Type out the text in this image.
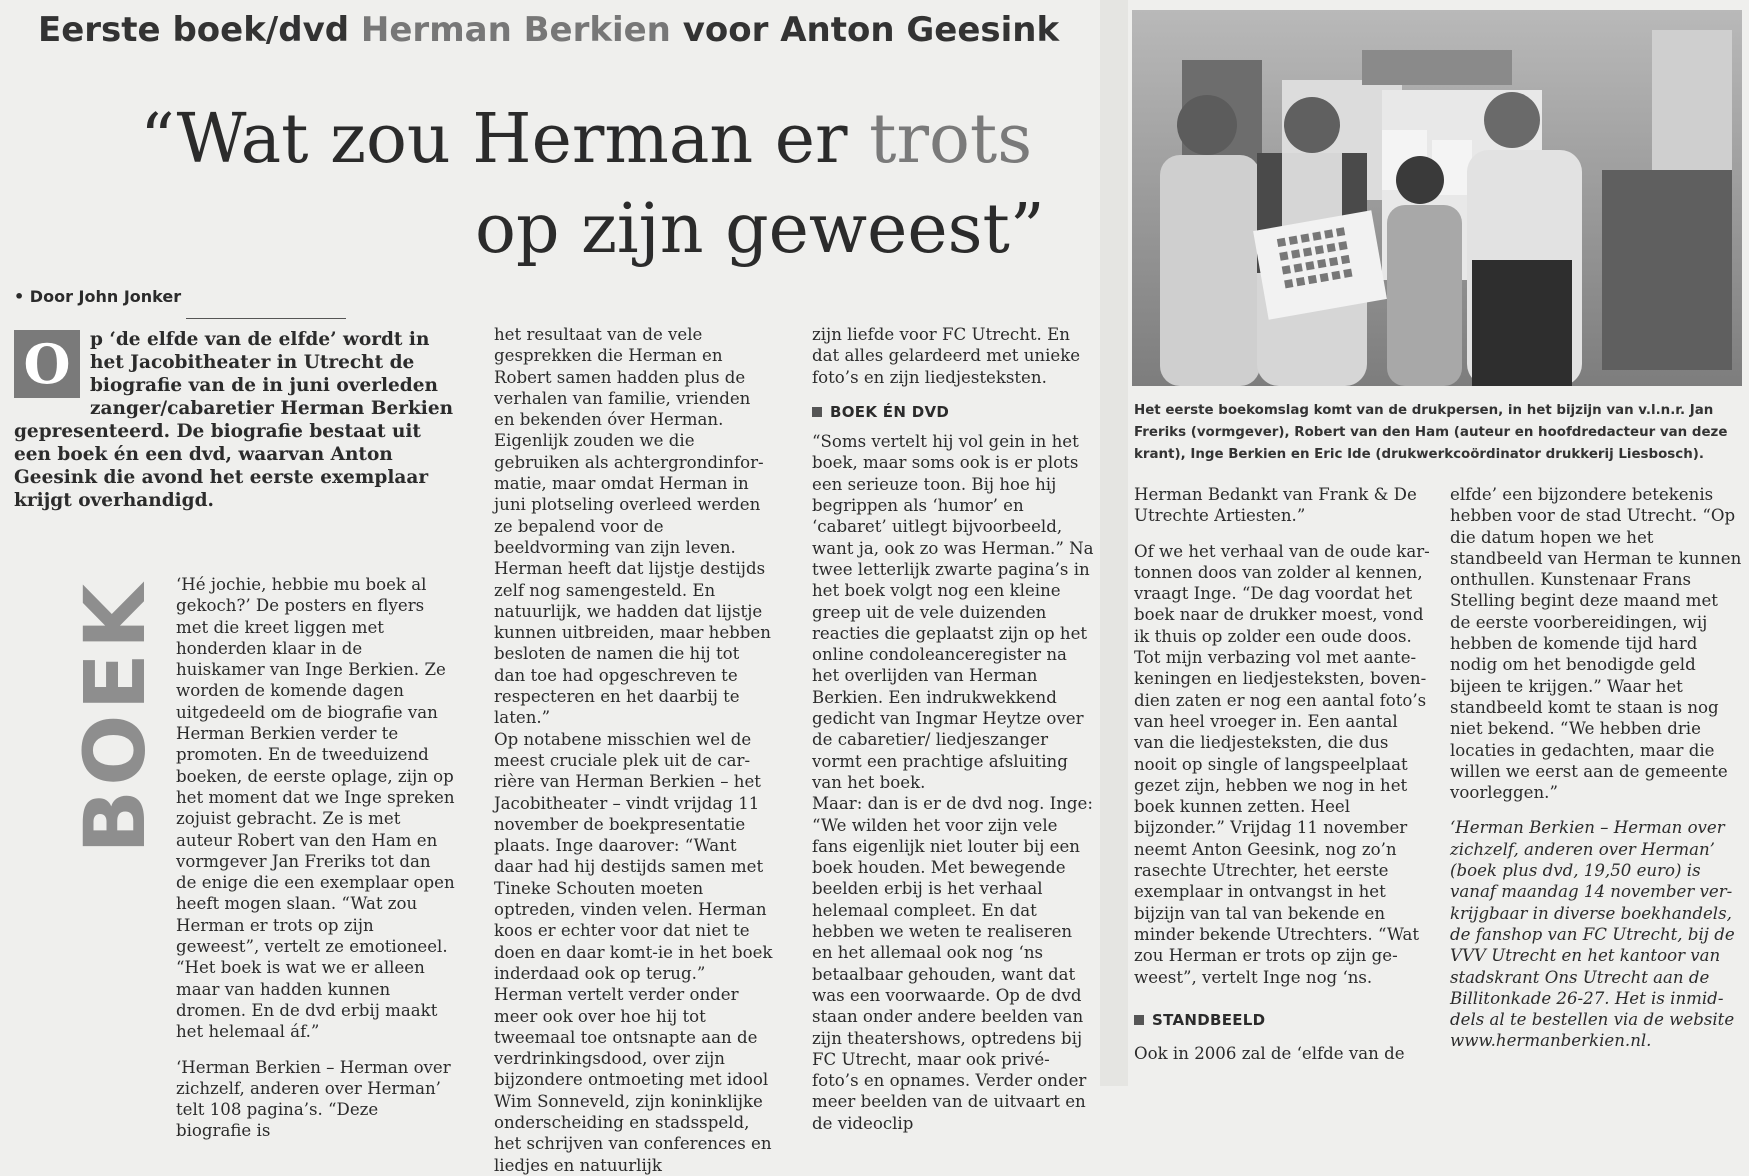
Eerste boek/dvd Herman Berkien voor Anton Geesink
“Wat zou Herman er trots
op zijn geweest”
• Door John Jonker
O	p ‘de elfde van de elfde’ wordt in het Jacobitheater in Utrecht de biografie van de in juni overleden zanger/cabaretier Herman Berkien gepresenteerd. De biografie bestaat uit een boek én een dvd, waarvan Anton Geesink die avond het eerste exemplaar krijgt overhandigd.
BOEK ‘Hé jochie, hebbie mu boek al gekoch?’ De posters en flyers met die kreet liggen met honderden klaar in de huiskamer van Inge Berkien. Ze worden de komende dagen uitgedeeld om de biografie van Herman Berkien verder te promoten. En de tweeduizend boeken, de eerste oplage, zijn op het moment dat we Inge spreken zojuist gebracht. Ze is met auteur Robert van den Ham en vormgever Jan Freriks tot dan de enige die een exemplaar open heeft mogen slaan. “Wat zou Herman er trots op zijn geweest”, vertelt ze emotioneel. “Het boek is wat we er alleen maar van hadden kunnen dromen. En de dvd erbij maakt het helemaal áf.”

‘Herman Berkien – Herman over zichzelf, anderen over Herman’ telt 108 pagina’s. “Deze biografie is

het resultaat van de vele gesprekken die Herman en Robert samen hadden plus de verhalen van familie, vrienden en bekenden óver Herman. Eigenlijk zouden we die gebruiken als achtergrondinformatie, maar omdat Herman in juni plotseling overleed werden ze bepalend voor de beeldvorming van zijn leven. Herman heeft dat lijstje destijds zelf nog samengesteld. En natuurlijk, we hadden dat lijstje kunnen uitbreiden, maar hebben besloten de namen die hij tot dan toe had opgeschreven te respecteren en het daarbij te laten.”

Op notabene misschien wel de meest cruciale plek uit de carrière van Herman Berkien – het Jacobitheater – vindt vrijdag 11 november de boekpresentatie plaats. Inge daarover: “Want daar had hij destijds samen met Tineke Schouten moeten optreden, vinden velen. Herman koos er echter voor dat niet te doen en daar komt-ie in het boek inderdaad ook op terug.”

Herman vertelt verder onder meer ook over hoe hij tot tweemaal toe ontsnapte aan de verdrinkingsdood, over zijn bijzondere ontmoeting met idool Wim Sonneveld, zijn koninklijke onderscheiding en stadsspeld, het schrijven van conferences en liedjes en natuurlijk

zijn liefde voor FC Utrecht. En dat alles gelardeerd met unieke foto’s en zijn liedjesteksten.

BOEK ÉN DVD

“Soms vertelt hij vol gein in het boek, maar soms ook is er plots een serieuze toon. Bij hoe hij begrippen als ‘humor’ en ‘cabaret’ uitlegt bijvoorbeeld, want ja, ook zo was Herman.” Na twee letterlijk zwarte pagina’s in het boek volgt nog een kleine greep uit de vele duizenden reacties die geplaatst zijn op het online condoleanceregister na het overlijden van Herman Berkien. Een indrukwekkend gedicht van Ingmar Heytze over de cabaretier/ liedjeszanger vormt een prachtige afsluiting van het boek.

Maar: dan is er de dvd nog. Inge: “We wilden het voor zijn vele fans eigenlijk niet louter bij een boek houden. Met bewegende beelden erbij is het verhaal helemaal compleet. En dat hebben we weten te realiseren en het allemaal ook nog ‘ns betaalbaar gehouden, want dat was een voorwaarde. Op de dvd staan onder andere beelden van zijn theatershows, optredens bij FC Utrecht, maar ook privé-foto’s en opnames. Verder onder meer beelden van de uitvaart en de videoclip

Het eerste boekomslag komt van de drukpersen, in het bijzijn van v.l.n.r. Jan Freriks (vormgever), Robert van den Ham (auteur en hoofdredacteur van deze krant), Inge Berkien en Eric Ide (drukwerkcoördinator drukkerij Liesbosch).

Herman Bedankt van Frank & De Utrechte Artiesten.”

Of we het verhaal van de oude kartonnen doos van zolder al kennen, vraagt Inge. “De dag voordat het boek naar de drukker moest, vond ik thuis op zolder een oude doos. Tot mijn verbazing vol met aantekeningen en liedjesteksten, bovendien zaten er nog een aantal foto’s van heel vroeger in. Een aantal van die liedjesteksten, die dus nooit op single of langspeelplaat gezet zijn, hebben we nog in het boek kunnen zetten. Heel bijzonder.” Vrijdag 11 november neemt Anton Geesink, nog zo’n rasechte Utrechter, het eerste exemplaar in ontvangst in het bijzijn van tal van bekende en minder bekende Utrechters. “Wat zou Herman er trots op zijn geweest”, vertelt Inge nog ‘ns.

STANDBEELD

Ook in 2006 zal de ‘elfde van de

elfde’ een bijzondere betekenis hebben voor de stad Utrecht. “Op die datum hopen we het standbeeld van Herman te kunnen onthullen. Kunstenaar Frans Stelling begint deze maand met de eerste voorbereidingen, wij hebben de komende tijd hard nodig om het benodigde geld bijeen te krijgen.” Waar het standbeeld komt te staan is nog niet bekend. “We hebben drie locaties in gedachten, maar die willen we eerst aan de gemeente voorleggen.”

‘Herman Berkien – Herman over zichzelf, anderen over Herman’ (boek plus dvd, 19,50 euro) is vanaf maandag 14 november verkrijgbaar in diverse boekhandels, de fanshop van FC Utrecht, bij de VVV Utrecht en het kantoor van stadskrant Ons Utrecht aan de Billitonkade 26-27. Het is inmiddels al te bestellen via de website www.hermanberkien.nl.
